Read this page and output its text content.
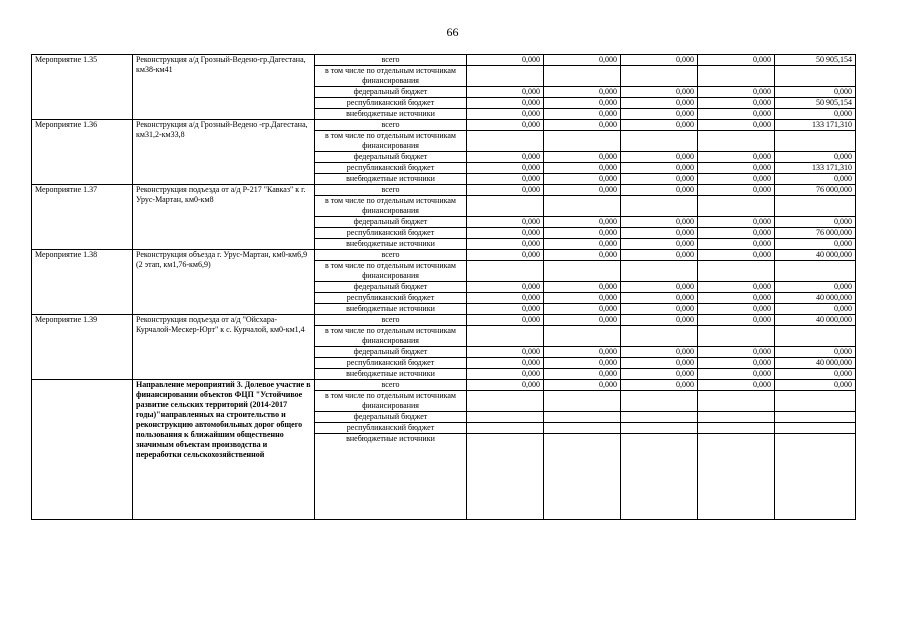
66
Мероприятие 1.35	Реконструкция а/д Грозный-Ведено-гр.Дагестана, км38-км41	всего	0,000	0,000	0,000	0,000	50 905,154
		в том числе по отдельным источникам финансирования					
		федеральный бюджет	0,000	0,000	0,000	0,000	0,000
		республиканский бюджет	0,000	0,000	0,000	0,000	50 905,154
		внебюджетные источники	0,000	0,000	0,000	0,000	0,000
Мероприятие 1.36	Реконструкция а/д Грозный-Ведено -гр.Дагестана, км31,2-км33,8	всего	0,000	0,000	0,000	0,000	133 171,310
		в том числе по отдельным источникам финансирования					
		федеральный бюджет	0,000	0,000	0,000	0,000	0,000
		республиканский бюджет	0,000	0,000	0,000	0,000	133 171,310
		внебюджетные источники	0,000	0,000	0,000	0,000	0,000
Мероприятие 1.37	Реконструкция подъезда от а/д Р-217 "Кавказ" к г. Урус-Мартан, км0-км8	всего	0,000	0,000	0,000	0,000	76 000,000
		в том числе по отдельным источникам финансирования					
		федеральный бюджет	0,000	0,000	0,000	0,000	0,000
		республиканский бюджет	0,000	0,000	0,000	0,000	76 000,000
		внебюджетные источники	0,000	0,000	0,000	0,000	0,000
Мероприятие 1.38	Реконструкция объезда г. Урус-Мартан, км0-км6,9 (2 этап, км1,76-км6,9)	всего	0,000	0,000	0,000	0,000	40 000,000
		в том числе по отдельным источникам финансирования					
		федеральный бюджет	0,000	0,000	0,000	0,000	0,000
		республиканский бюджет	0,000	0,000	0,000	0,000	40 000,000
		внебюджетные источники	0,000	0,000	0,000	0,000	0,000
Мероприятие 1.39	Реконструкция подъезда от а/д "Ойсхара-Курчалой-Мескер-Юрт" к с. Курчалой, км0-км1,4	всего	0,000	0,000	0,000	0,000	40 000,000
		в том числе по отдельным источникам финансирования					
		федеральный бюджет	0,000	0,000	0,000	0,000	0,000
		республиканский бюджет	0,000	0,000	0,000	0,000	40 000,000
		внебюджетные источники	0,000	0,000	0,000	0,000	0,000
	Направление мероприятий 3. Долевое участие в финансировании объектов ФЦП "Устойчивое развитие сельских территорий (2014-2017 годы)"направленных на строительство и реконструкцию автомобильных дорог общего пользования к ближайшим общественно значимым объектам производства и переработки сельскохозяйственной	всего	0,000	0,000	0,000	0,000	0,000
		в том числе по отдельным источникам финансирования					
		федеральный бюджет					
		республиканский бюджет					
		внебюджетные источники					
